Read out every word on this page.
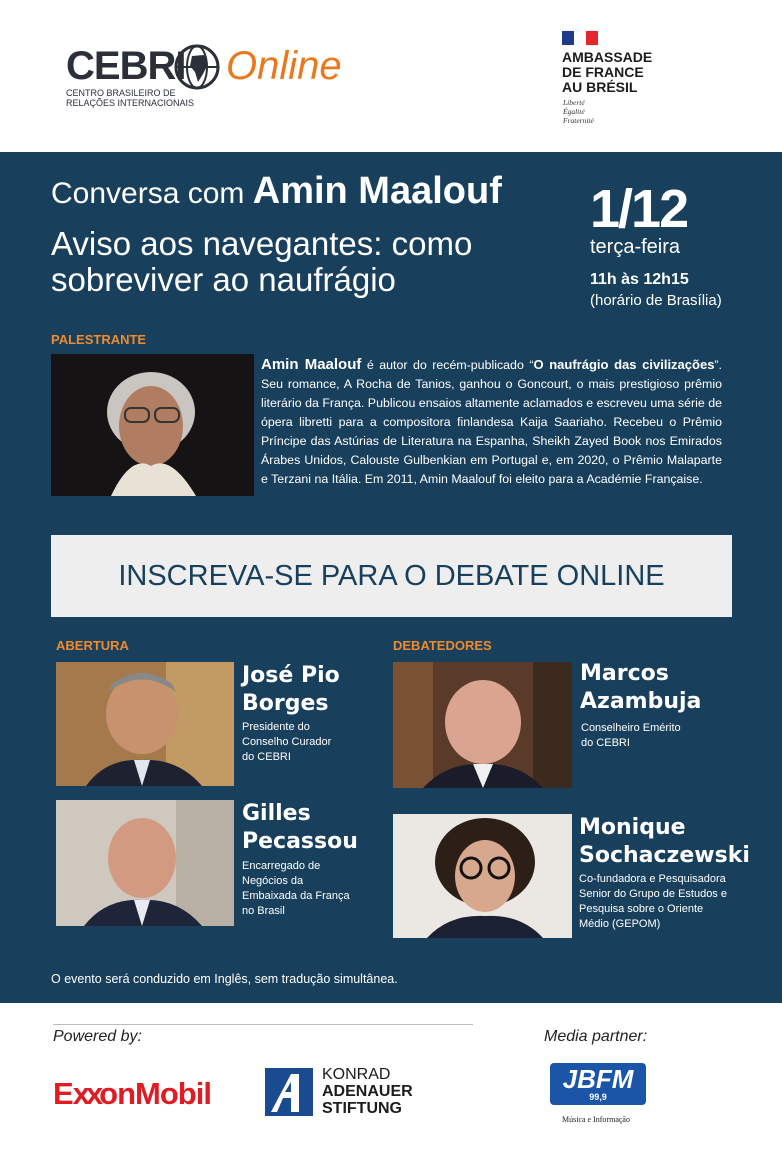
CEBRI Online
CENTRO BRASILEIRO DE
RELAÇÕES INTERNACIONAIS
AMBASSADE
DE FRANCE
AU BRÉSIL
Liberté
Égalité
Fraternité
Conversa com Amin Maalouf
Aviso aos navegantes: como sobreviver ao naufrágio
1/12
terça-feira
11h às 12h15
(horário de Brasília)
PALESTRANTE
Amin Maalouf é autor do recém-publicado “O naufrágio das civilizações”. Seu romance, A Rocha de Tanios, ganhou o Goncourt, o mais prestigioso prêmio literário da França. Publicou ensaios altamente aclamados e escreveu uma série de ópera libretti para a compositora finlandesa Kaija Saariaho. Recebeu o Prêmio Príncipe das Astúrias de Literatura na Espanha, Sheikh Zayed Book nos Emirados Árabes Unidos, Calouste Gulbenkian em Portugal e, em 2020, o Prêmio Malaparte e Terzani na Itália. Em 2011, Amin Maalouf foi eleito para a Académie Française.
INSCREVA-SE PARA O DEBATE ONLINE
ABERTURA
José Pio
Borges
Presidente do
Conselho Curador
do CEBRI
Gilles
Pecassou
Encarregado de
Negócios da
Embaixada da França
no Brasil
DEBATEDORES
Marcos
Azambuja
Conselheiro Emérito
do CEBRI
Monique
Sochaczewski
Co-fundadora e Pesquisadora
Senior do Grupo de Estudos e
Pesquisa sobre o Oriente
Médio (GEPOM)
O evento será conduzido em Inglês, sem tradução simultânea.
Powered by:	Media partner:
ExxonMobil
KONRAD
ADENAUER
STIFTUNG
JBFM
99,9
Música e Informação
